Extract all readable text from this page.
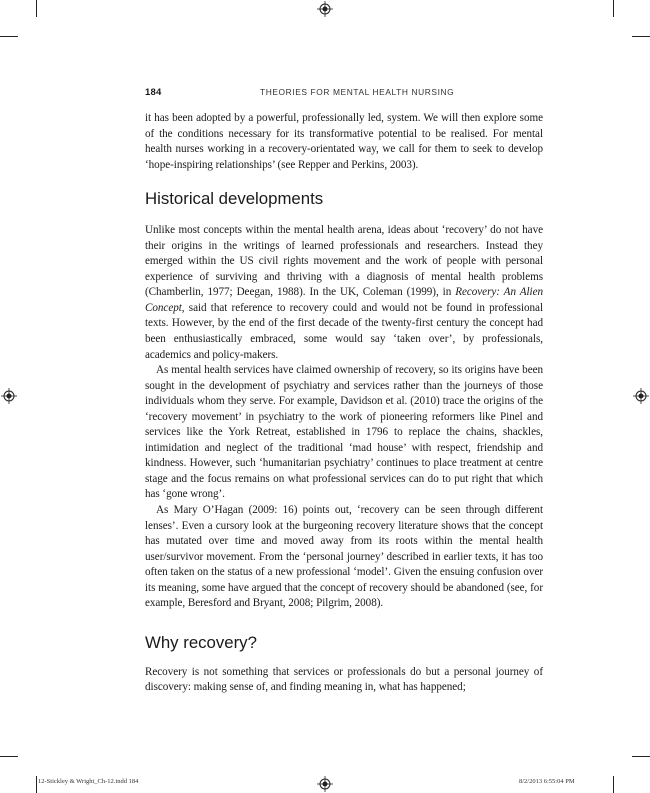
184	THEORIES FOR MENTAL HEALTH NURSING

it has been adopted by a powerful, professionally led, system. We will then explore some of the conditions necessary for its transformative potential to be realised. For mental health nurses working in a recovery-orientated way, we call for them to seek to develop ‘hope-inspiring relationships’ (see Repper and Perkins, 2003).

Historical developments

Unlike most concepts within the mental health arena, ideas about ‘recovery’ do not have their origins in the writings of learned professionals and researchers. Instead they emerged within the US civil rights movement and the work of people with personal experience of surviving and thriving with a diagnosis of mental health problems (Chamberlin, 1977; Deegan, 1988). In the UK, Coleman (1999), in Recovery: An Alien Concept, said that reference to recovery could and would not be found in professional texts. However, by the end of the first decade of the twenty-first century the concept had been enthusiastically embraced, some would say ‘taken over’, by professionals, academics and policy-makers.

As mental health services have claimed ownership of recovery, so its origins have been sought in the development of psychiatry and services rather than the journeys of those individuals whom they serve. For example, Davidson et al. (2010) trace the origins of the ‘recovery movement’ in psychiatry to the work of pioneering reformers like Pinel and services like the York Retreat, established in 1796 to replace the chains, shackles, intimidation and neglect of the traditional ‘mad house’ with respect, friendship and kindness. However, such ‘humanitarian psychiatry’ continues to place treatment at centre stage and the focus remains on what professional services can do to put right that which has ‘gone wrong’.

As Mary O’Hagan (2009: 16) points out, ‘recovery can be seen through different lenses’. Even a cursory look at the burgeoning recovery literature shows that the concept has mutated over time and moved away from its roots within the mental health user/survivor movement. From the ‘personal journey’ described in earlier texts, it has too often taken on the status of a new professional ‘model’. Given the ensuing confusion over its meaning, some have argued that the concept of recovery should be abandoned (see, for example, Beresford and Bryant, 2008; Pilgrim, 2008).

Why recovery?

Recovery is not something that services or professionals do but a personal journey of discovery: making sense of, and finding meaning in, what has happened;

12-Stickley & Wright_Ch-12.indd 184	8/2/2013 6:55:04 PM
